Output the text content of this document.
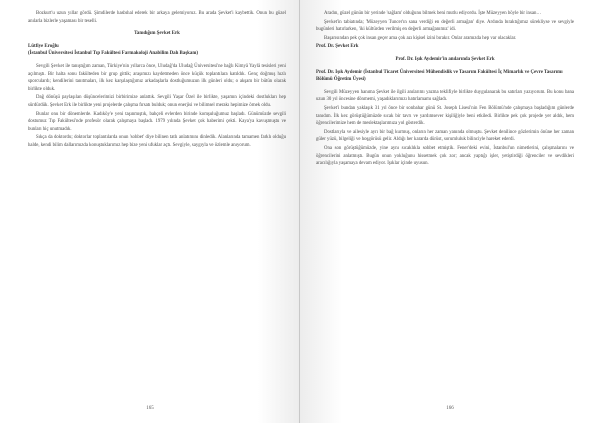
Bozkurt'u uzun yıllar gördü. Şimdilerde hasbıhal ederek bir arkaya gelemiyoruz. Bu arada Şevket'i kaybettik. Onun bu güzel anılarla bizlerle yaşaması bir teselli.

Tanıdığım Şevket Erk
Lütfiye Eroğlu
(İstanbul Üniversitesi İstanbul Tıp Fakültesi Farmakoloji Anabilim Dalı Başkanı)

Sevgili Şevket ile tanıştığım zaman, Türkiye'nin yıllarca önce, Uludağ'da Uludağ Üniversitesi'ne bağlı Kimyâ Yaylâ tesisleri yeni açılmıştı. Bir halta sonu fakülteden bir grup gittik; araşımızı kaydetmeden önce küçük toplantılara katıldık. Genç doğmuş hızlı sporculardı; kendilerini tanıtmaları, ilk kez karşılaştığımız arkadaşlarla dostluğumuzun ilk günleri oldu; o akşam bir bütün olarak birlikte olduk.

Dağ dönüşü paylaşılan düşüncelerimizi birbirimize anlattık. Sevgili Yaşar Özel ile birlikte, yaşamın içindeki dostlukları hep sürdürdük. Şevket Erk ile birlikte yeni projelerde çalışma fırsatı bulduk; onun enerjisi ve bilimsel merakı hepimize örnek oldu.

Bunlar onu bir dönemlerde. Kadıköy'e yeni taşınmıştık, bahçeli evlerden birinde komşuluğumuz başladı. Günümüzde sevgili dostumuz Tıp Fakültesi'nde profesör olarak çalışmaya başladı. 1979 yılında Şevket çok haberimi çekti. Kaya'ya kavuşmuştu ve bunları hiç unutmadık.

Sıkça da doktordu; doktorlar toplantılarda onun 'sohbet' diye bilinen tatlı anlatımını dinledik. Alanlarında tamamen farklı olduğu halde, kendi bilim dallarımızda konuştuklarımız hep bize yeni ufuklar açtı. Sevgiyle, saygıyla ve özlemle anıyorum.

165

Aradın, güzel günün bir yerinde 'sağlam' olduğunu bilmek beni mutlu ediyordu. İşte Müzeyyen böyle bir insan…

Şevket'in tabiatında; 'Müzeyyen Tuncer'ın sana verdiği en değerli armağan' diye. Ardında bıraktığımız sürekliyse ve sevgiyle bugünleri hatırlarken, 'iki kültürden verilmiş en değerli armağanımız' idi.

Başarısından pek çok insan geçer ama çok azı kişisel izini bırakır. Onlar aramızda hep var olacaklar.

Prof. Dr. Şevket Erk
Prof. Dr. Işık Aydemir'in anılarında Şevket Erk
Prof. Dr. Işık Aydemir (İstanbul Ticaret Üniversitesi Mühendislik ve Tasarım Fakültesi İç Mimarlık ve Çevre Tasarımı Bölümü Öğretim Üyesi)

Sevgili Müzeyyen hanıma Şevket ile ilgili anılarımı yazma teklifiyle birlikte duygulanarak bu satırları yazıyorum. Bu konu bana uzun 30 yıl öncesine dönmemi, yaşadıklarımızı hatırlamamı sağladı.

Şevket'i bundan yaklaşık 31 yıl önce bir sonbahar günü St. Joseph Lisesi'nin Fen Bölümü'nde çalışmaya başladığım günlerde tanıdım. İlk kez görüştüğümüzde sıcak bir tavrı ve yardımsever kişiliğiyle beni etkiledi. Birlikte pek çok projede yer aldık, hem öğrencilerimize hem de meslektaşlarımıza yol gösterdik.

Dostlarıyla ve ailesiyle ayrı bir bağ kurmuş, onların her zaman yanında olmuştu. Şevket denilince gözlerimin önüne her zaman güler yüzü, bilgeliği ve hoşgörüsü gelir. Aldığı her kararda dürüst, sorumluluk bilinciyle hareket ederdi.

Ona son görüştüğümüzde, yine aynı sıcaklıkla sohbet etmiştik. Fener'deki evini, İstanbul'un nimetlerini, çalışmalarını ve öğrencilerini anlatmıştı. Bugün onun yokluğunu hissetmek çok zor; ancak yaptığı işler, yetiştirdiği öğrenciler ve sevdikleri aracılığıyla yaşamaya devam ediyor. Işıklar içinde uyusun.

166
